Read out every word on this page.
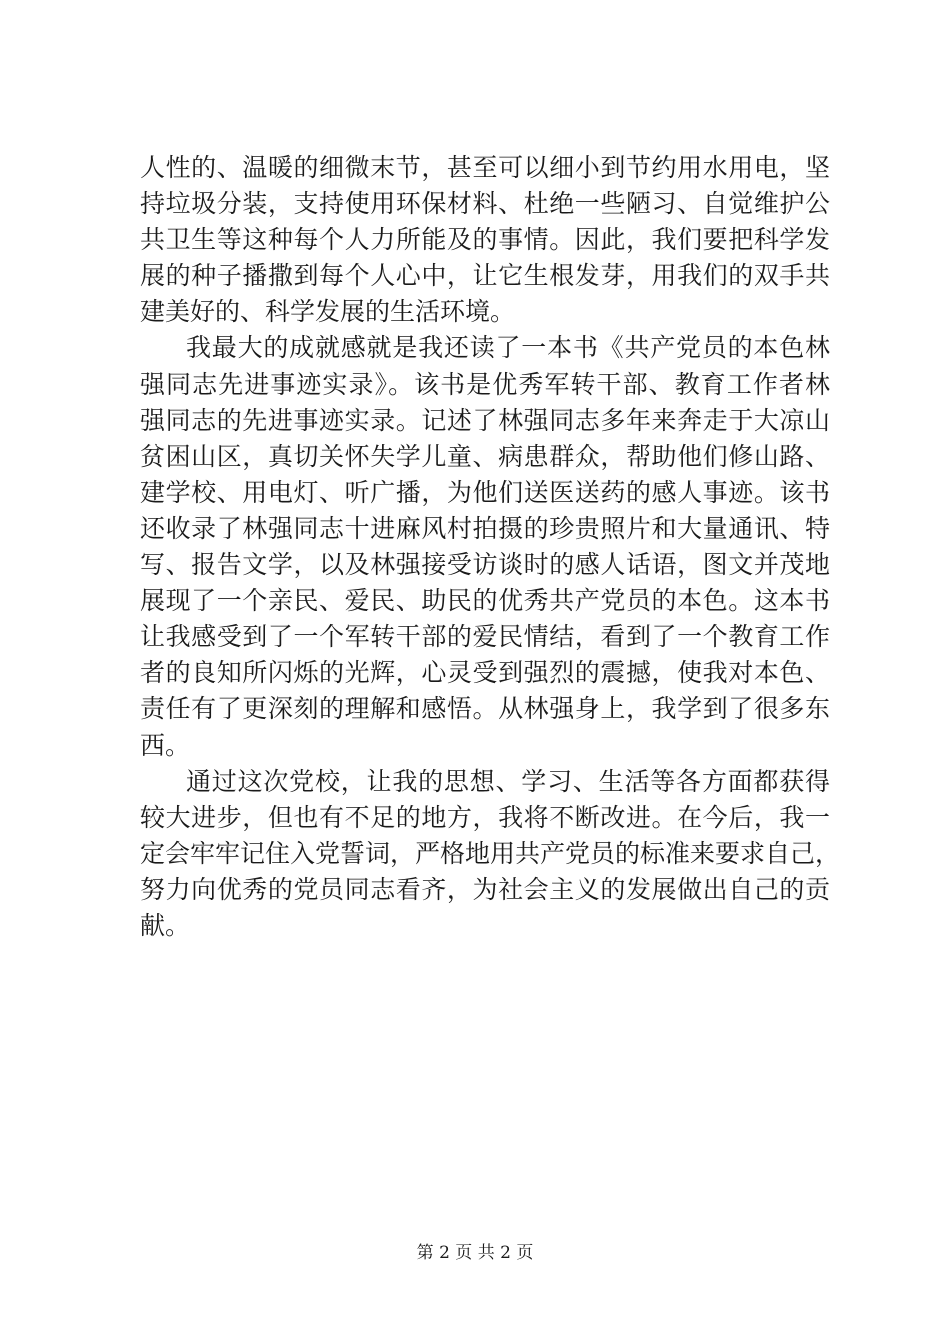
人性的、温暖的细微末节，甚至可以细小到节约用水用电，坚
持垃圾分装，支持使用环保材料、杜绝一些陋习、自觉维护公
共卫生等这种每个人力所能及的事情。因此，我们要把科学发
展的种子播撒到每个人心中，让它生根发芽，用我们的双手共
建美好的、科学发展的生活环境。
我最大的成就感就是我还读了一本书《共产党员的本色林
强同志先进事迹实录》。该书是优秀军转干部、教育工作者林
强同志的先进事迹实录。记述了林强同志多年来奔走于大凉山
贫困山区，真切关怀失学儿童、病患群众，帮助他们修山路、
建学校、用电灯、听广播，为他们送医送药的感人事迹。该书
还收录了林强同志十进麻风村拍摄的珍贵照片和大量通讯、特
写、报告文学，以及林强接受访谈时的感人话语，图文并茂地
展现了一个亲民、爱民、助民的优秀共产党员的本色。这本书
让我感受到了一个军转干部的爱民情结，看到了一个教育工作
者的良知所闪烁的光辉，心灵受到强烈的震撼，使我对本色、
责任有了更深刻的理解和感悟。从林强身上，我学到了很多东
西。
通过这次党校，让我的思想、学习、生活等各方面都获得
较大进步，但也有不足的地方，我将不断改进。在今后，我一
定会牢牢记住入党誓词，严格地用共产党员的标准来要求自己，
努力向优秀的党员同志看齐，为社会主义的发展做出自己的贡
献。
第 2 页 共 2 页
